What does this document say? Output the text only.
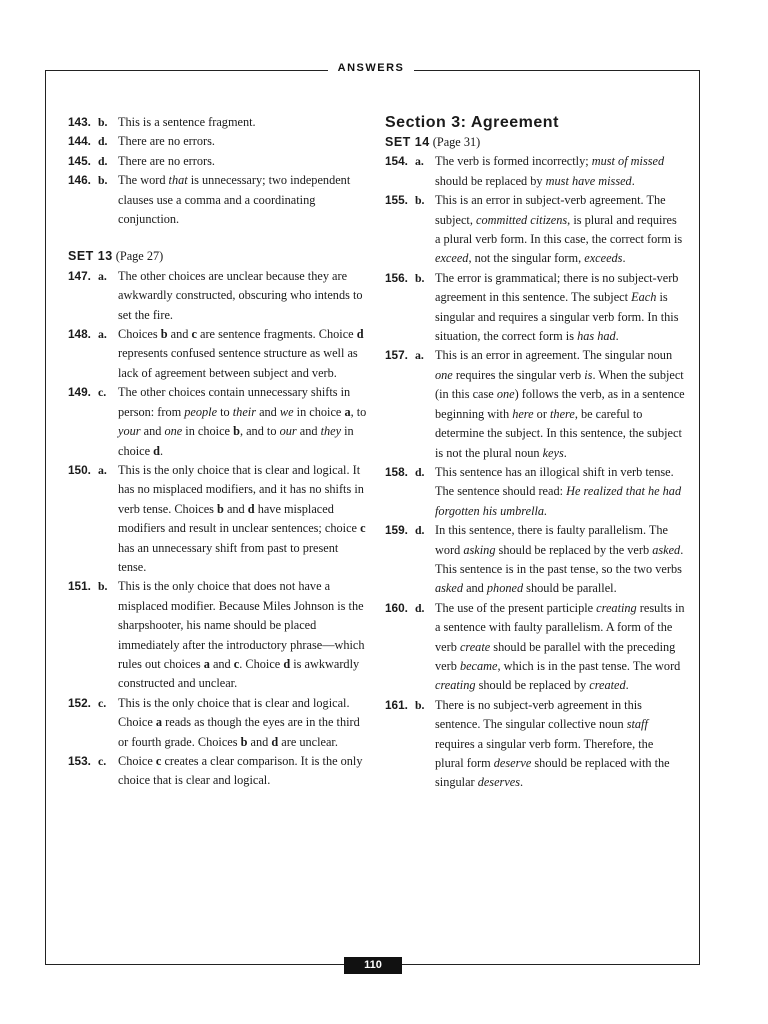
ANSWERS
143. b. This is a sentence fragment.
144. d. There are no errors.
145. d. There are no errors.
146. b. The word that is unnecessary; two independent clauses use a comma and a coordinating conjunction.
SET 13 (Page 27)
147. a. The other choices are unclear because they are awkwardly constructed, obscuring who intends to set the fire.
148. a. Choices b and c are sentence fragments. Choice d represents confused sentence structure as well as lack of agreement between subject and verb.
149. c. The other choices contain unnecessary shifts in person: from people to their and we in choice a, to your and one in choice b, and to our and they in choice d.
150. a. This is the only choice that is clear and logical. It has no misplaced modifiers, and it has no shifts in verb tense. Choices b and d have misplaced modifiers and result in unclear sentences; choice c has an unnecessary shift from past to present tense.
151. b. This is the only choice that does not have a misplaced modifier. Because Miles Johnson is the sharpshooter, his name should be placed immediately after the introductory phrase—which rules out choices a and c. Choice d is awkwardly constructed and unclear.
152. c. This is the only choice that is clear and logical. Choice a reads as though the eyes are in the third or fourth grade. Choices b and d are unclear.
153. c. Choice c creates a clear comparison. It is the only choice that is clear and logical.
Section 3: Agreement
SET 14 (Page 31)
154. a. The verb is formed incorrectly; must of missed should be replaced by must have missed.
155. b. This is an error in subject-verb agreement. The subject, committed citizens, is plural and requires a plural verb form. In this case, the correct form is exceed, not the singular form, exceeds.
156. b. The error is grammatical; there is no subject-verb agreement in this sentence. The subject Each is singular and requires a singular verb form. In this situation, the correct form is has had.
157. a. This is an error in agreement. The singular noun one requires the singular verb is. When the subject (in this case one) follows the verb, as in a sentence beginning with here or there, be careful to determine the subject. In this sentence, the subject is not the plural noun keys.
158. d. This sentence has an illogical shift in verb tense. The sentence should read: He realized that he had forgotten his umbrella.
159. d. In this sentence, there is faulty parallelism. The word asking should be replaced by the verb asked. This sentence is in the past tense, so the two verbs asked and phoned should be parallel.
160. d. The use of the present participle creating results in a sentence with faulty parallelism. A form of the verb create should be parallel with the preceding verb became, which is in the past tense. The word creating should be replaced by created.
161. b. There is no subject-verb agreement in this sentence. The singular collective noun staff requires a singular verb form. Therefore, the plural form deserve should be replaced with the singular deserves.
110
